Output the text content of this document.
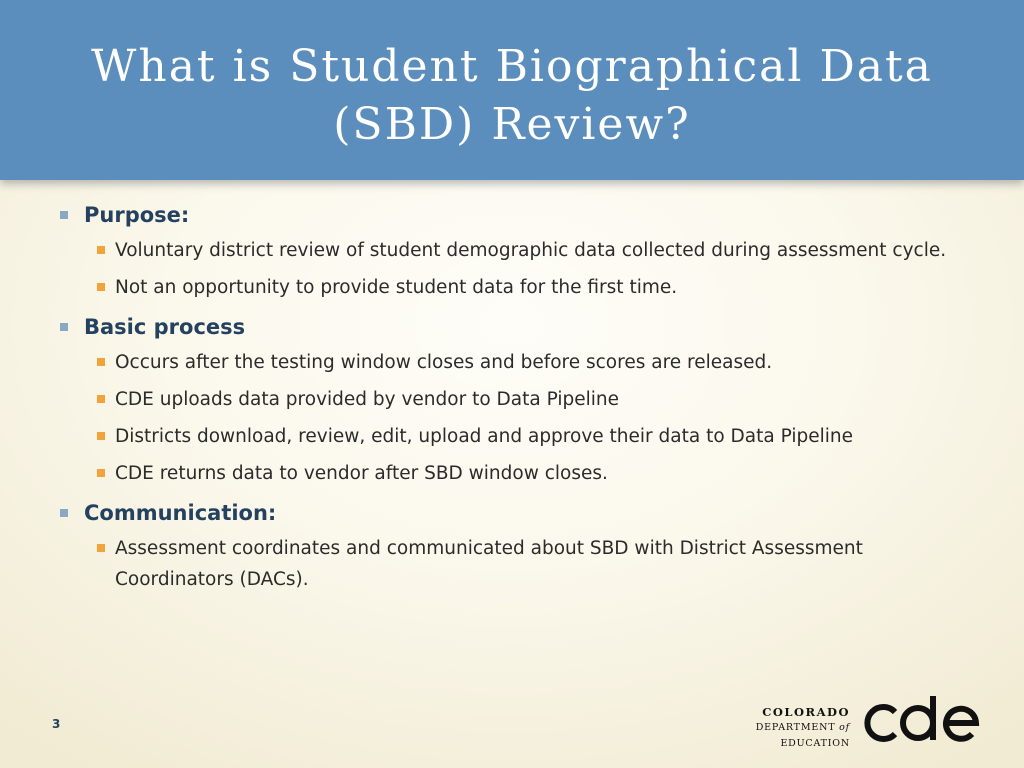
What is Student Biographical Data
(SBD) Review?
Purpose:
Voluntary district review of student demographic data collected during assessment cycle.
Not an opportunity to provide student data for the first time.
Basic process
Occurs after the testing window closes and before scores are released.
CDE uploads data provided by vendor to Data Pipeline
Districts download, review, edit, upload and approve their data to Data Pipeline
CDE returns data to vendor after SBD window closes.
Communication:
Assessment coordinates and communicated about SBD with District Assessment Coordinators (DACs).
3
COLORADO
DEPARTMENT of EDUCATION
